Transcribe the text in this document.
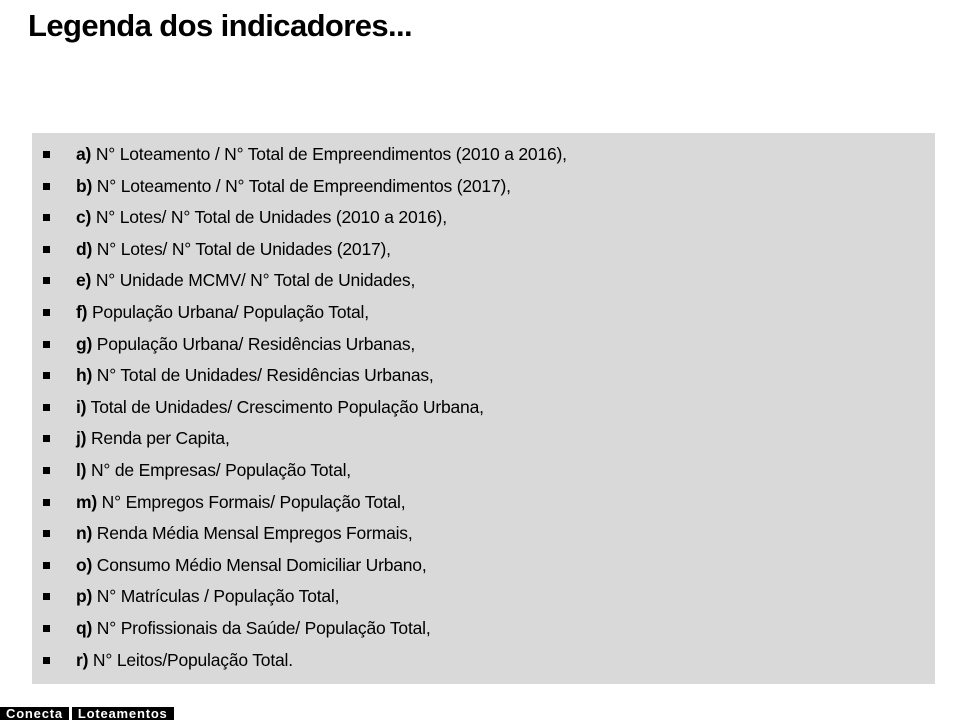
Legenda dos indicadores...
a) N° Loteamento / N° Total de Empreendimentos (2010 a 2016),
b) N° Loteamento / N° Total de Empreendimentos (2017),
c) N° Lotes/ N° Total de Unidades (2010 a 2016),
d) N° Lotes/ N° Total de Unidades (2017),
e) N° Unidade MCMV/ N° Total de Unidades,
f) População Urbana/ População Total,
g) População Urbana/ Residências Urbanas,
h) N° Total de Unidades/ Residências Urbanas,
i) Total de Unidades/ Crescimento População Urbana,
j) Renda per Capita,
l) N° de Empresas/ População Total,
m) N° Empregos Formais/ População Total,
n) Renda Média Mensal Empregos Formais,
o) Consumo Médio Mensal Domiciliar Urbano,
p) N° Matrículas / População Total,
q) N° Profissionais da Saúde/ População Total,
r) N° Leitos/População Total.
Conecta	Loteamentos
